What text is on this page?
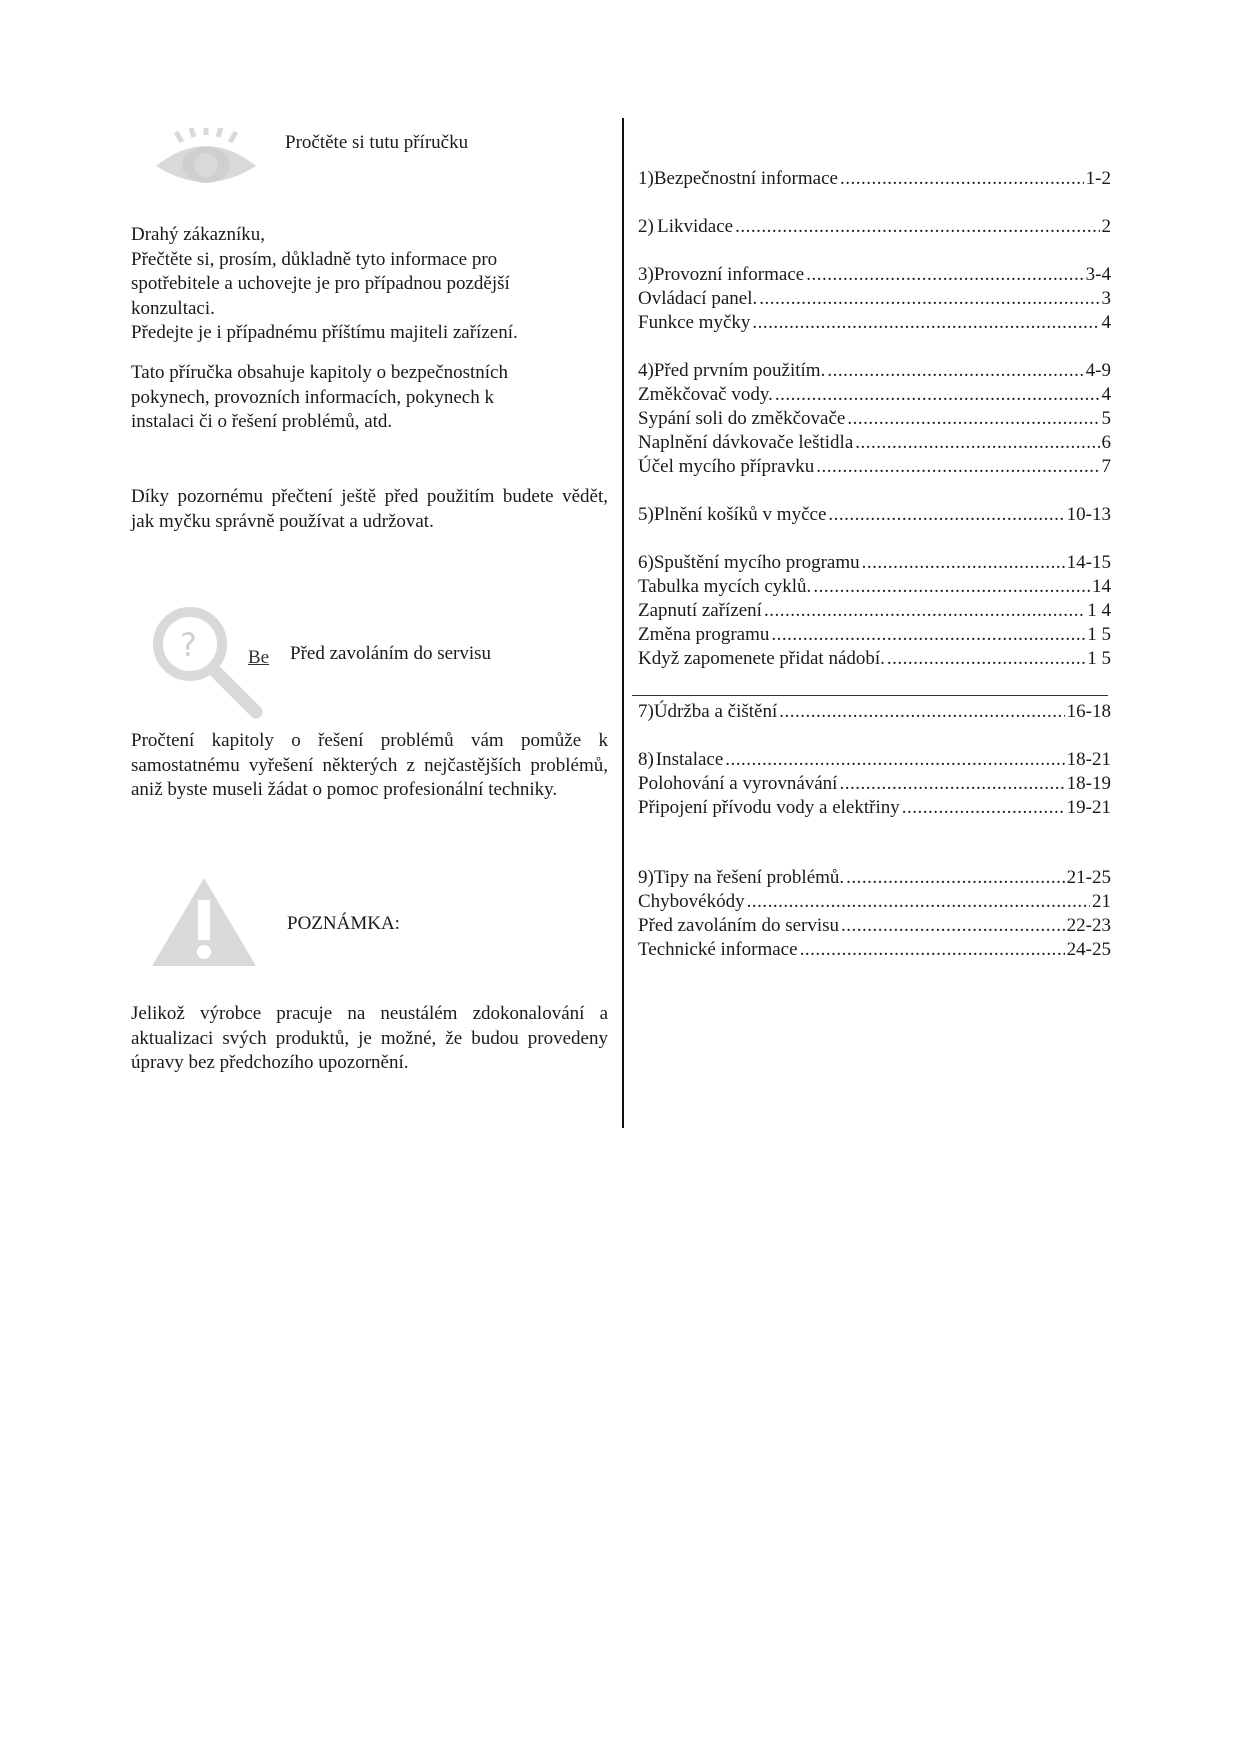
Pročtěte si tutu příručku
Drahý zákazníku,
Přečtěte si, prosím, důkladně tyto informace pro
spotřebitele a uchovejte je pro případnou pozdější
konzultaci.
Předejte je i případnému příštímu majiteli zařízení.
Tato příručka obsahuje kapitoly o bezpečnostních
pokynech, provozních informacích, pokynech k
instalaci či o řešení problémů, atd.
Díky pozornému přečtení ještě před použitím budete vědět, jak myčku správně používat a udržovat.
?	Be Před zavoláním do servisu
Pročtení kapitoly o řešení problémů vám pomůže k samostatnému vyřešení některých z nejčastějších problémů, aniž byste museli žádat o pomoc profesionální techniky.
POZNÁMKA:
Jelikož výrobce pracuje na neustálém zdokonalování a aktualizaci svých produktů, je možné, že budou provedeny úpravy bez předchozího upozornění.
1) Bezpečnostní informace .....	1-2
2) Likvidace .....	2
3) Provozní informace .....	3-4
Ovládací panel. .....	3
Funkce myčky .....	4
4) Před prvním použitím. .....	4-9
Změkčovač vody. .....	4
Sypání soli do změkčovače .....	5
Naplnění dávkovače leštidla .....	6
Účel mycího přípravku .....	7
5) Plnění košíků v myčce .....	10-13
6) Spuštění mycího programu .....	14-15
Tabulka mycích cyklů. .....	14
Zapnutí zařízení .....	1 4
Změna programu .....	1 5
Když zapomenete přidat nádobí. .....	1 5
7) Údržba a čištění .....	16-18
8) Instalace .....	18-21
Polohování a vyrovnávání .....	18-19
Připojení přívodu vody a elektřiny .....	19-21
9) Tipy na řešení problémů. .....	21-25
Chybovékódy .....	21
Před zavoláním do servisu .....	22-23
Technické informace .....	24-25
